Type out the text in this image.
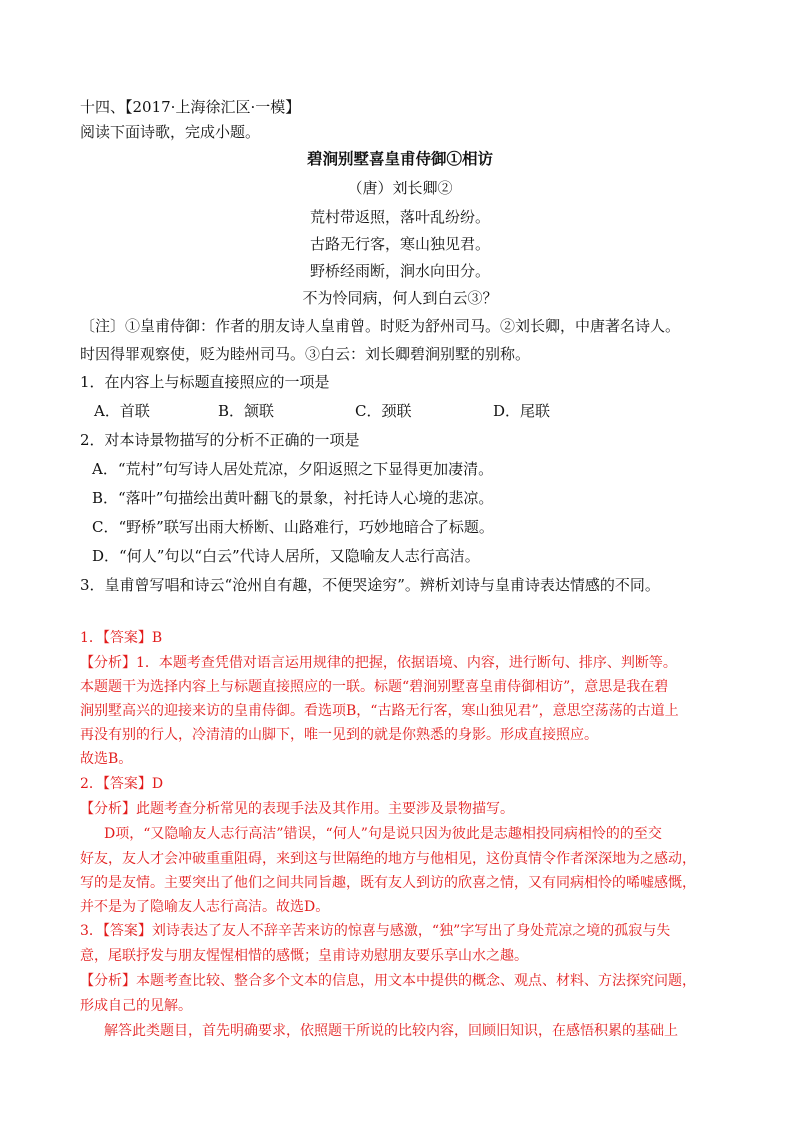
十四、【2017·上海徐汇区·一模】
阅读下面诗歌，完成小题。
碧涧别墅喜皇甫侍御①相访
（唐）刘长卿②
荒村带返照，落叶乱纷纷。
古路无行客，寒山独见君。
野桥经雨断，涧水向田分。
不为怜同病，何人到白云③？
〔注〕①皇甫侍御：作者的朋友诗人皇甫曾。时贬为舒州司马。②刘长卿，中唐著名诗人。
时因得罪观察使，贬为睦州司马。③白云：刘长卿碧涧别墅的别称。
1．在内容上与标题直接照应的一项是
A．首联	B．颔联	C．颈联	D．尾联
2．对本诗景物描写的分析不正确的一项是
A．“荒村”句写诗人居处荒凉，夕阳返照之下显得更加凄清。
B．“落叶”句描绘出黄叶翻飞的景象，衬托诗人心境的悲凉。
C．“野桥”联写出雨大桥断、山路难行，巧妙地暗合了标题。
D．“何人”句以“白云”代诗人居所，又隐喻友人志行高洁。
3．皇甫曾写唱和诗云“沧州自有趣，不便哭途穷”。辨析刘诗与皇甫诗表达情感的不同。
1．【答案】B
【分析】1．本题考查凭借对语言运用规律的把握，依据语境、内容，进行断句、排序、判断等。
本题题干为选择内容上与标题直接照应的一联。标题“碧涧别墅喜皇甫侍御相访”，意思是我在碧
涧别墅高兴的迎接来访的皇甫侍御。看选项B，“古路无行客，寒山独见君”，意思空荡荡的古道上
再没有别的行人，冷清清的山脚下，唯一见到的就是你熟悉的身影。形成直接照应。
故选B。
2．【答案】D
【分析】此题考查分析常见的表现手法及其作用。主要涉及景物描写。
D项，“又隐喻友人志行高洁”错误，“何人”句是说只因为彼此是志趣相投同病相怜的的至交
好友，友人才会冲破重重阻碍，来到这与世隔绝的地方与他相见，这份真情令作者深深地为之感动，
写的是友情。主要突出了他们之间共同旨趣，既有友人到访的欣喜之情，又有同病相怜的唏嘘感慨，
并不是为了隐喻友人志行高洁。故选D。
3．【答案】刘诗表达了友人不辞辛苦来访的惊喜与感激，“独”字写出了身处荒凉之境的孤寂与失
意，尾联抒发与朋友惺惺相惜的感慨；皇甫诗劝慰朋友要乐享山水之趣。
【分析】本题考查比较、整合多个文本的信息，用文本中提供的概念、观点、材料、方法探究问题，
形成自己的见解。
解答此类题目，首先明确要求，依照题干所说的比较内容，回顾旧知识，在感悟积累的基础上
